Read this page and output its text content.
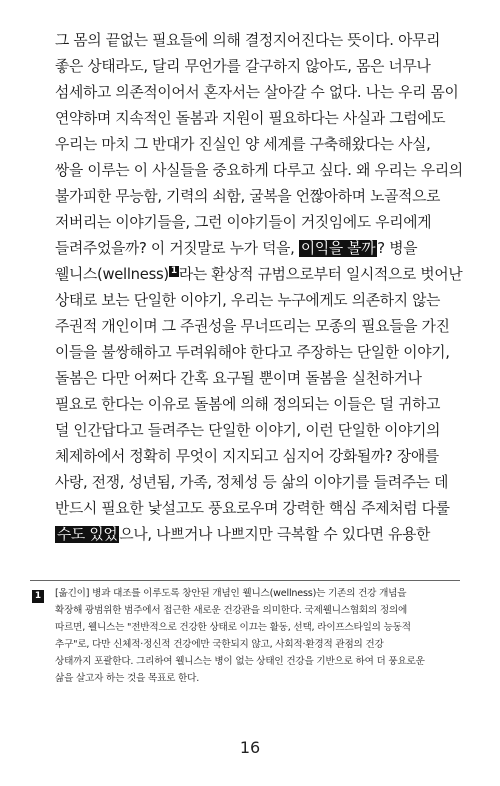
그 몸의 끝없는 필요들에 의해 결정지어진다는 뜻이다. 아무리
좋은 상태라도, 달리 무언가를 갈구하지 않아도, 몸은 너무나
섬세하고 의존적이어서 혼자서는 살아갈 수 없다. 나는 우리 몸이
연약하며 지속적인 돌봄과 지원이 필요하다는 사실과 그럼에도
우리는 마치 그 반대가 진실인 양 세계를 구축해왔다는 사실,
쌍을 이루는 이 사실들을 중요하게 다루고 싶다. 왜 우리는 우리의
불가피한 무능함, 기력의 쇠함, 굴복을 언짢아하며 노골적으로
저버리는 이야기들을, 그런 이야기들이 거짓임에도 우리에게
들려주었을까? 이 거짓말로 누가 덕을, 이익을 볼까 ? 병을
웰니스(wellness) 1 라는 환상적 규범으로부터 일시적으로 벗어난
상태로 보는 단일한 이야기, 우리는 누구에게도 의존하지 않는
주권적 개인이며 그 주권성을 무너뜨리는 모종의 필요들을 가진
이들을 불쌍해하고 두려워해야 한다고 주장하는 단일한 이야기,
돌봄은 다만 어쩌다 간혹 요구될 뿐이며 돌봄을 실천하거나
필요로 한다는 이유로 돌봄에 의해 정의되는 이들은 덜 귀하고
덜 인간답다고 들려주는 단일한 이야기, 이런 단일한 이야기의
체제하에서 정확히 무엇이 지지되고 심지어 강화될까? 장애를
사랑, 전쟁, 성년됨, 가족, 정체성 등 삶의 이야기를 들려주는 데
반드시 필요한 낯설고도 풍요로우며 강력한 핵심 주제처럼 다룰
수도 있었 으나, 나쁘거나 나쁘지만 극복할 수 있다면 유용한
1 [옮긴이] 병과 대조를 이루도록 창안된 개념인 웰니스(wellness)는 기존의 건강 개념을
확장해 광범위한 범주에서 접근한 새로운 건강관을 의미한다. 국제웰니스협회의 정의에
따르면, 웰니스는 "전반적으로 건강한 상태로 이끄는 활동, 선택, 라이프스타일의 능동적
추구"로, 다만 신체적·정신적 건강에만 국한되지 않고, 사회적·환경적 관점의 건강
상태까지 포괄한다. 그리하여 웰니스는 병이 없는 상태인 건강을 기반으로 하여 더 풍요로운
삶을 살고자 하는 것을 목표로 한다.
16
